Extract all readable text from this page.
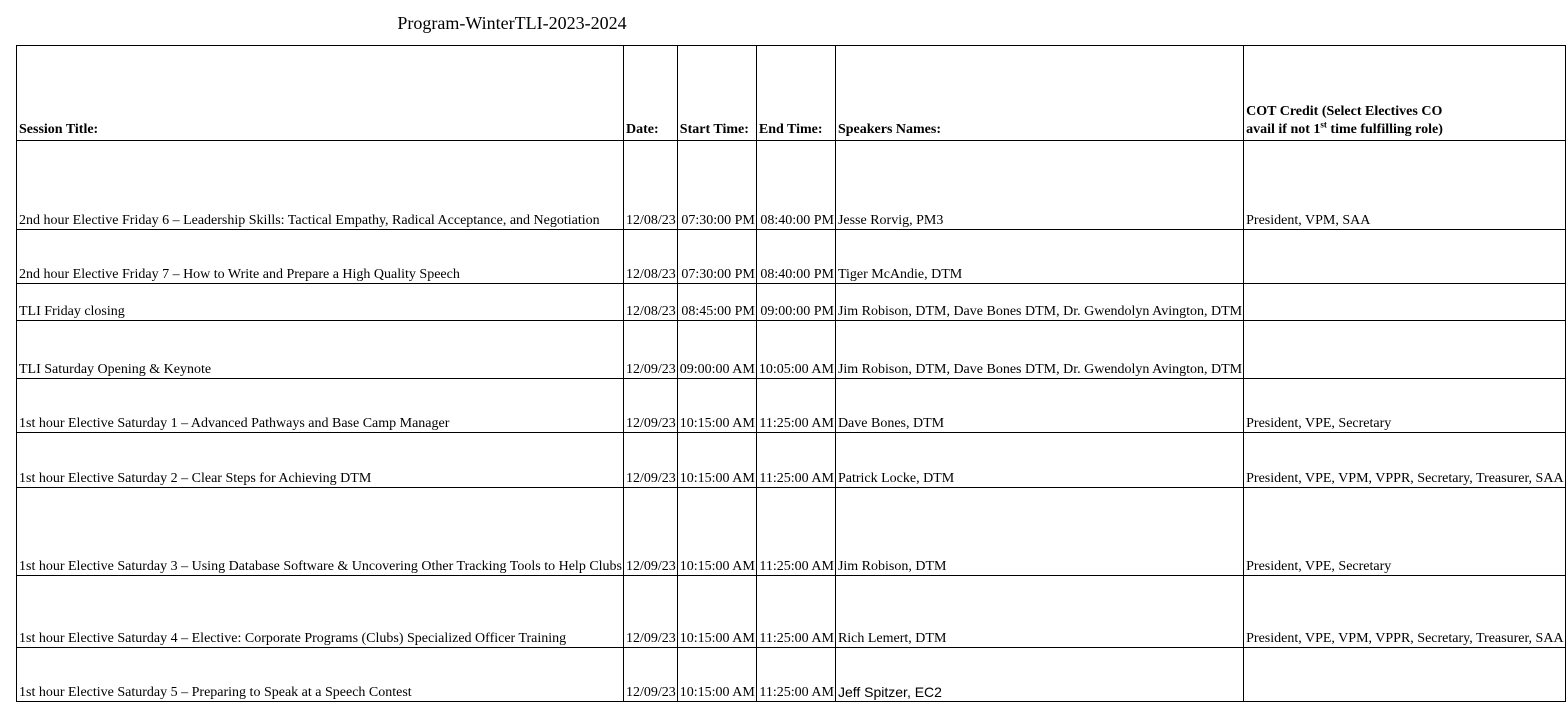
Program-WinterTLI-2023-2024
Session Title:	Date:	Start Time:	End Time:	Speakers Names:	COT Credit (Select Electives CO
avail if not 1st time fulfilling role)
2nd hour Elective Friday 6 – Leadership Skills: Tactical Empathy, Radical Acceptance, and Negotiation	12/08/23	07:30:00 PM	08:40:00 PM	Jesse Rorvig, PM3	President, VPM, SAA
2nd hour Elective Friday 7 – How to Write and Prepare a High Quality Speech	12/08/23	07:30:00 PM	08:40:00 PM	Tiger McAndie, DTM	
TLI Friday closing	12/08/23	08:45:00 PM	09:00:00 PM	Jim Robison, DTM, Dave Bones DTM, Dr. Gwendolyn Avington, DTM	
TLI Saturday Opening & Keynote	12/09/23	09:00:00 AM	10:05:00 AM	Jim Robison, DTM, Dave Bones DTM, Dr. Gwendolyn Avington, DTM	
1st hour Elective Saturday 1 – Advanced Pathways and Base Camp Manager	12/09/23	10:15:00 AM	11:25:00 AM	Dave Bones, DTM	President, VPE, Secretary
1st hour Elective Saturday 2 – Clear Steps for Achieving DTM	12/09/23	10:15:00 AM	11:25:00 AM	Patrick Locke, DTM	President, VPE, VPM, VPPR, Secretary, Treasurer, SAA
1st hour Elective Saturday 3 – Using Database Software & Uncovering Other Tracking Tools to Help Clubs	12/09/23	10:15:00 AM	11:25:00 AM	Jim Robison, DTM	President, VPE, Secretary
1st hour Elective Saturday 4 – Elective: Corporate Programs (Clubs) Specialized Officer Training	12/09/23	10:15:00 AM	11:25:00 AM	Rich Lemert, DTM	President, VPE, VPM, VPPR, Secretary, Treasurer, SAA
1st hour Elective Saturday 5 – Preparing to Speak at a Speech Contest	12/09/23	10:15:00 AM	11:25:00 AM	Jeff Spitzer, EC2	
